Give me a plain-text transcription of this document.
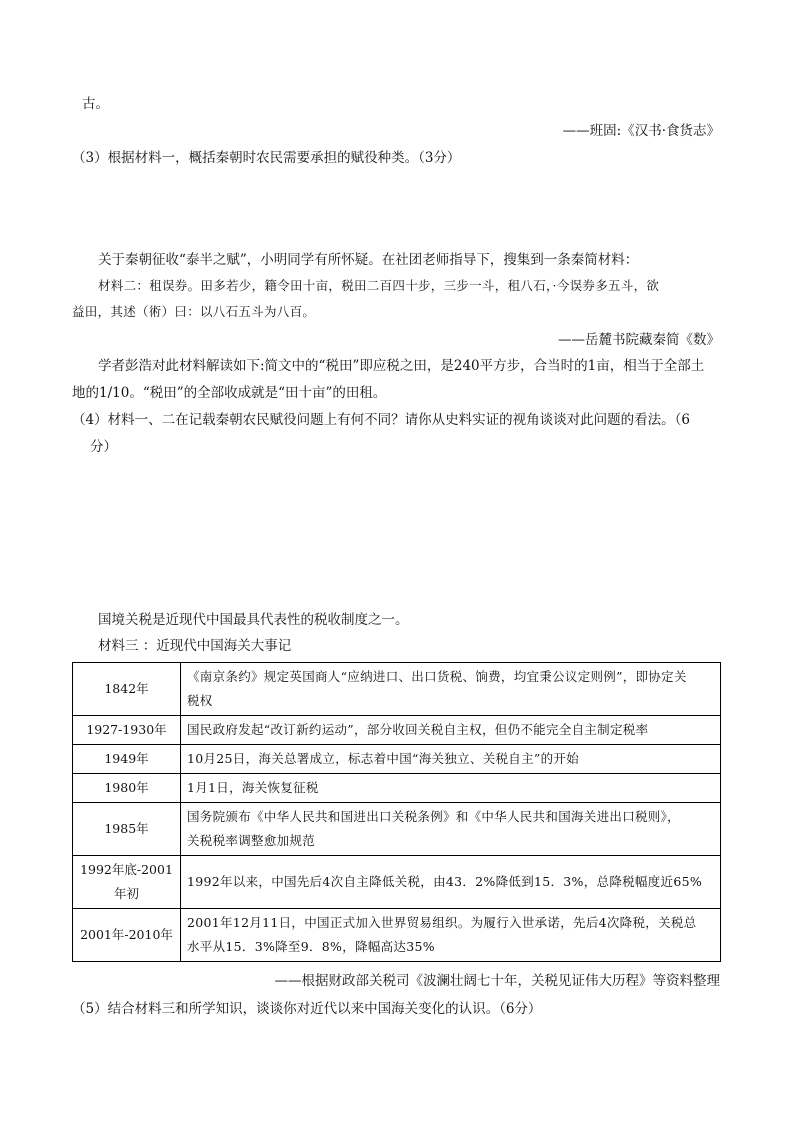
古。
——班固:《汉书·食货志》
（3）根据材料一，概括秦朝时农民需要承担的赋役种类。（3分）
关于秦朝征收“泰半之赋”，小明同学有所怀疑。在社团老师指导下，搜集到一条秦简材料：
材料二：租误券。田多若少，籍令田十亩，税田二百四十步，三步一斗，租八石，·今误券多五斗，欲
益田，其述（術）曰：以八石五斗为八百。
——岳麓书院藏秦简《数》
学者彭浩对此材料解读如下:简文中的“税田”即应税之田，是240平方步，合当时的1亩，相当于全部土
地的1/10。“税田”的全部收成就是“田十亩”的田租。
（4）材料一、二在记载秦朝农民赋役问题上有何不同？请你从史料实证的视角谈谈对此问题的看法。（6
分）
国境关税是近现代中国最具代表性的税收制度之一。
材料三 ：近现代中国海关大事记
1842年	《南京条约》规定英国商人“应纳进口、出口货税、饷费，均宜秉公议定则例”，即协定关
税权

1927-1930年	国民政府发起“改订新约运动”，部分收回关税自主权，但仍不能完全自主制定税率

1949年	10月25日，海关总署成立，标志着中国“海关独立、关税自主”的开始

1980年	1月1日，海关恢复征税

1985年	国务院颁布《中华人民共和国进出口关税条例》和《中华人民共和国海关进出口税则》，
关税税率调整愈加规范

1992年底-2001年初	1992年以来，中国先后4次自主降低关税，由43．2%降低到15．3%，总降税幅度近65%

2001年-2010年	2001年12月11日，中国正式加入世界贸易组织。为履行入世承诺，先后4次降税，关税总
水平从15．3%降至9．8%，降幅高达35%
——根据财政部关税司《波澜壮阔七十年，关税见证伟大历程》等资料整理
（5）结合材料三和所学知识，谈谈你对近代以来中国海关变化的认识。（6分）
